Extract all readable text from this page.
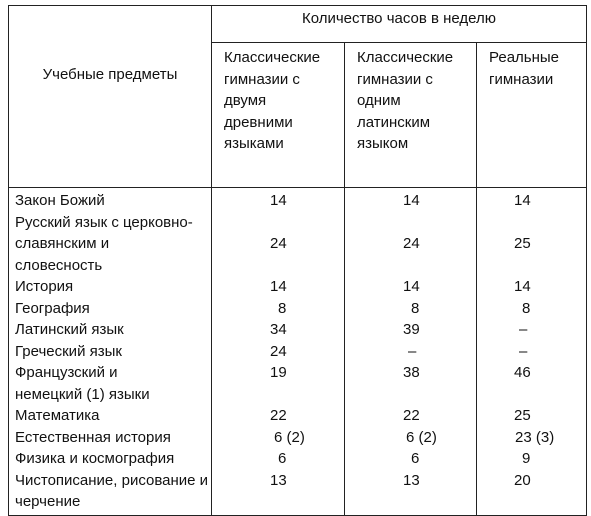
Учебные предметы	Количество часов в неделю		
	Классические гимназии с двумя древними языками	Классические гимназии с одним латинским языком	Реальные гимназии
Закон Божий	14	14	14
Русский язык с церковно-славянским и словесность	24	24	25
История	14	14	14
География	8	8	8
Латинский язык	34	39	–
Греческий язык	24	–	–
Французский и немецкий (1) языки	19	38	46
Математика	22	22	25
Естественная история	6 (2)	6 (2)	23 (3)
Физика и космография	6	6	9
Чистописание, рисование и черчение	13	13	20
